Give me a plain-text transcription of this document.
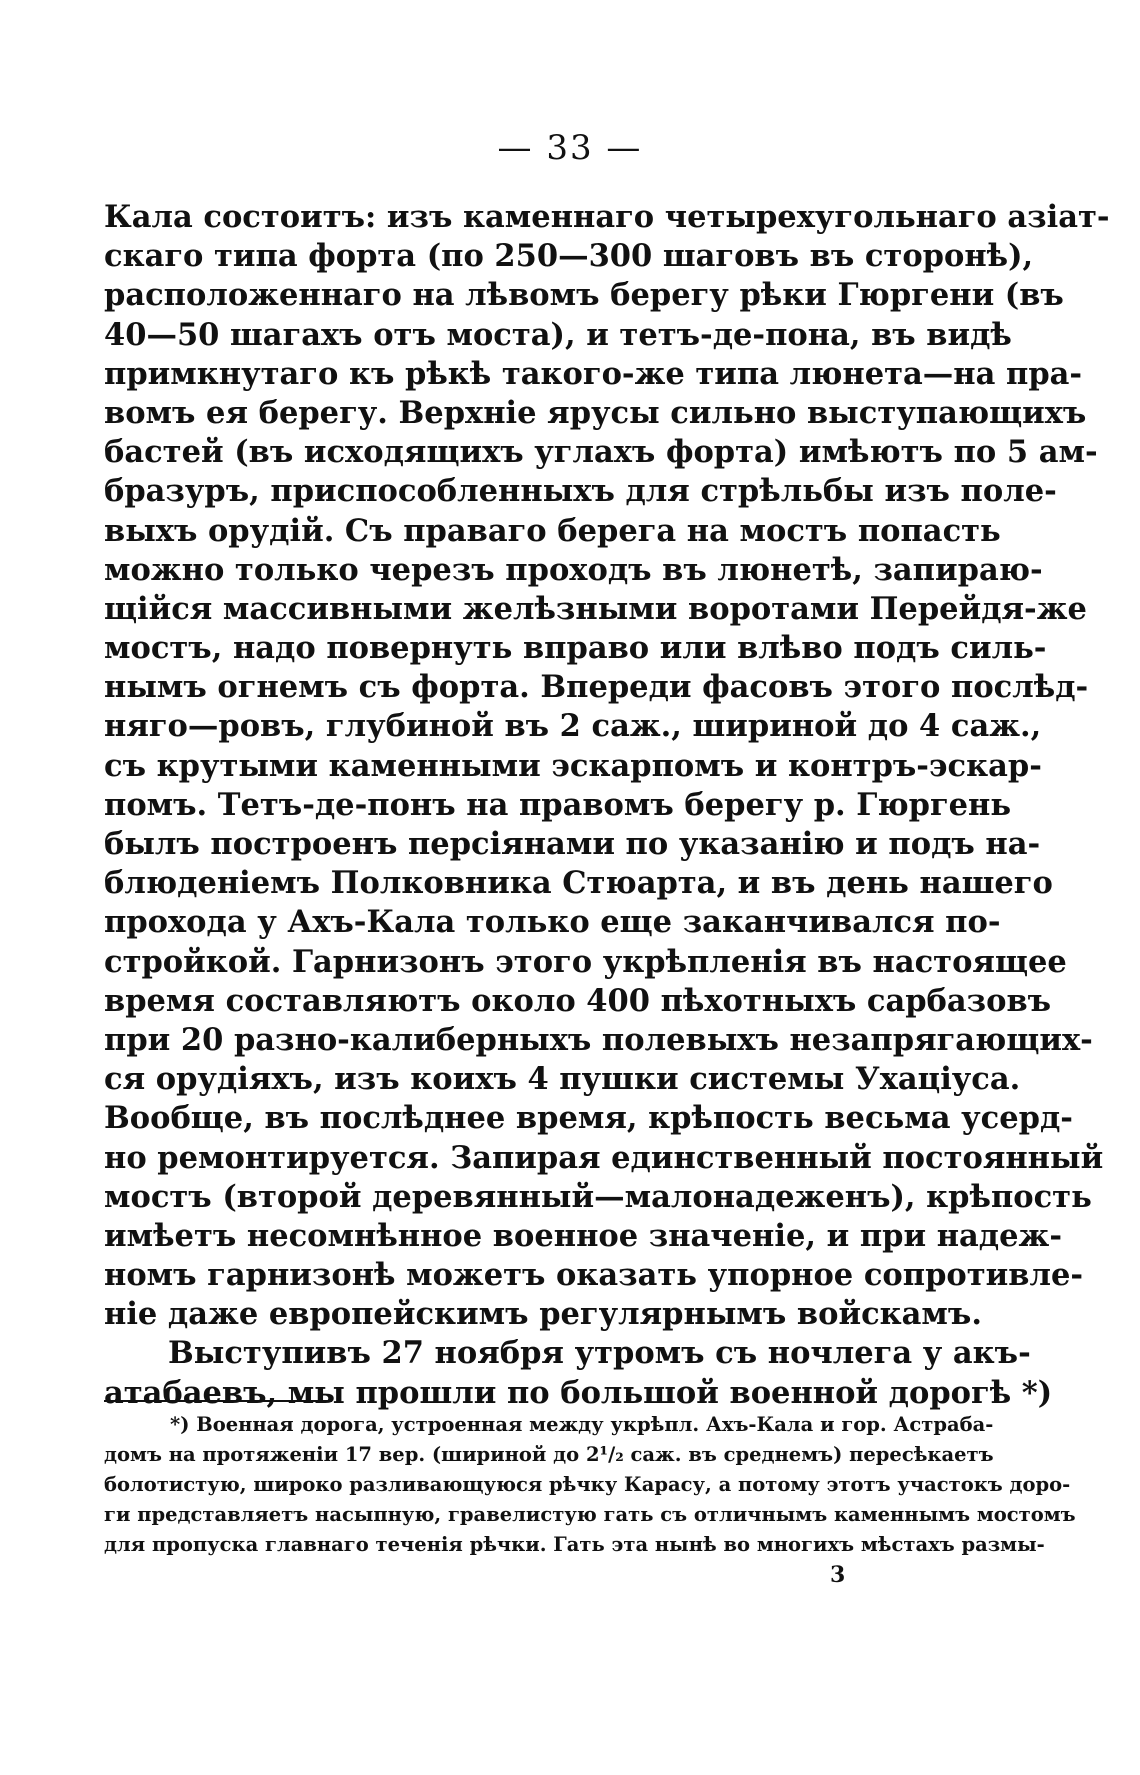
— 33 —
Кала состоитъ: изъ каменнаго четырехугольнаго азіат-
скаго типа форта (по 250—300 шаговъ въ сторонѣ),
расположеннаго на лѣвомъ берегу рѣки Гюргени (въ
40—50 шагахъ отъ моста), и тетъ-де-пона, въ видѣ
примкнутаго къ рѣкѣ такого-же типа люнета—на пра-
вомъ ея берегу. Верхніе ярусы сильно выступающихъ
бастей (въ исходящихъ углахъ форта) имѣютъ по 5 ам-
бразуръ, приспособленныхъ для стрѣльбы изъ поле-
выхъ орудій. Съ праваго берега на мостъ попасть
можно только черезъ проходъ въ люнетѣ, запираю-
щійся массивными желѣзными воротами Перейдя-же
мостъ, надо повернуть вправо или влѣво подъ силь-
нымъ огнемъ съ форта. Впереди фасовъ этого послѣд-
няго—ровъ, глубиной въ 2 саж., шириной до 4 саж.,
съ крутыми каменными эскарпомъ и контръ-эскар-
помъ. Тетъ-де-понъ на правомъ берегу р. Гюргень
былъ построенъ персіянами по указанію и подъ на-
блюденіемъ Полковника Стюарта, и въ день нашего
прохода у Ахъ-Кала только еще заканчивался по-
стройкой. Гарнизонъ этого укрѣпленія въ настоящее
время составляютъ около 400 пѣхотныхъ сарбазовъ
при 20 разно-калиберныхъ полевыхъ незапрягающих-
ся орудіяхъ, изъ коихъ 4 пушки системы Ухаціуса.
Вообще, въ послѣднее время, крѣпость весьма усерд-
но ремонтируется. Запирая единственный постоянный
мостъ (второй деревянный—малонадеженъ), крѣпость
имѣетъ несомнѣнное военное значеніе, и при надеж-
номъ гарнизонѣ можетъ оказать упорное сопротивле-
ніе даже европейскимъ регулярнымъ войскамъ.
Выступивъ 27 ноября утромъ съ ночлега у акъ-
атабаевъ, мы прошли по большой военной дорогѣ *)
*) Военная дорога, устроенная между укрѣпл. Ахъ-Кала и гор. Астраба-
домъ на протяженіи 17 вер. (шириной до 2¹/₂ саж. въ среднемъ) пересѣкаетъ
болотистую, широко разливающуюся рѣчку Карасу, а потому этотъ участокъ доро-
ги представляетъ насыпную, гравелистую гать съ отличнымъ каменнымъ мостомъ
для пропуска главнаго теченія рѣчки. Гать эта нынѣ во многихъ мѣстахъ размы-
3
